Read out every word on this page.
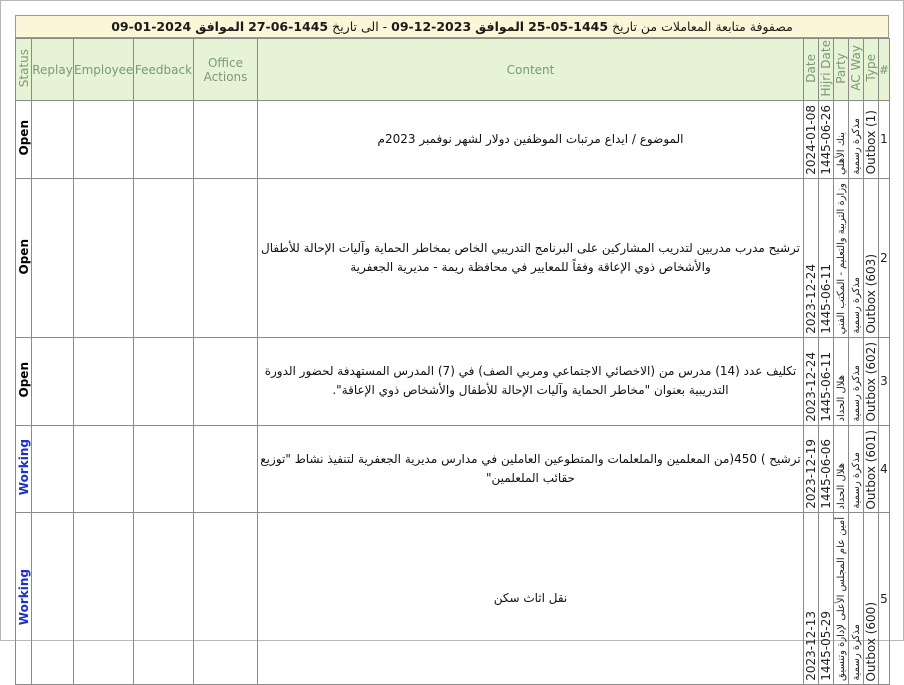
مصفوفة متابعة المعاملات من تاريخ 1445-05-25 الموافق 2023-12-09 - الى تاريخ 1445-06-27 الموافق 2024-01-09
Status	Replay	Employee	Feedback	Office Actions	Content	Date	Hijri Date	Party	AC Way	Type	#
Open					الموضوع / ايداع مرتبات الموظفين دولار لشهر نوفمبر 2023م	2024-01-08	1445-06-26	بنك الأهلي	مذكرة رسمية	Outbox (1)	1
Open					ترشيح مدرب مدربين لتدريب المشاركين على البرنامج التدريبي الخاص بمخاطر الحماية وآليات الإحالة للأطفال والأشخاص ذوي الإعاقة وفقاً للمعايير في محافظة ريمة - مديرية الجعفرية	2023-12-24	1445-06-11	وزارة التربية والتعليم - المكتب الفني	مذكرة رسمية	Outbox (603)	2
Open					تكليف عدد (14) مدرس من (الاخصائي الاجتماعي ومربي الصف) في (7) المدرس المستهدفة لحضور الدورة التدريبية بعنوان "مخاطر الحماية وآليات الإحالة للأطفال والأشخاص ذوي الإعاقة".	2023-12-24	1445-06-11	هلال الحداد	مذكرة رسمية	Outbox (602)	3
Working					ترشيح ) 450(من المعلمين والملعلمات والمتطوعين العاملين في مدارس مديرية الجعفرية لتنفيذ نشاط "توزيع حقائب الملعلمين"	2023-12-19	1445-06-06	هلال الحداد	مذكرة رسمية	Outbox (601)	4
Working					نقل اثاث سكن	2023-12-13	1445-05-29	أمين عام المجلس الأعلى لإدارة وتنسيق	مذكرة رسمية	Outbox (600)	5
